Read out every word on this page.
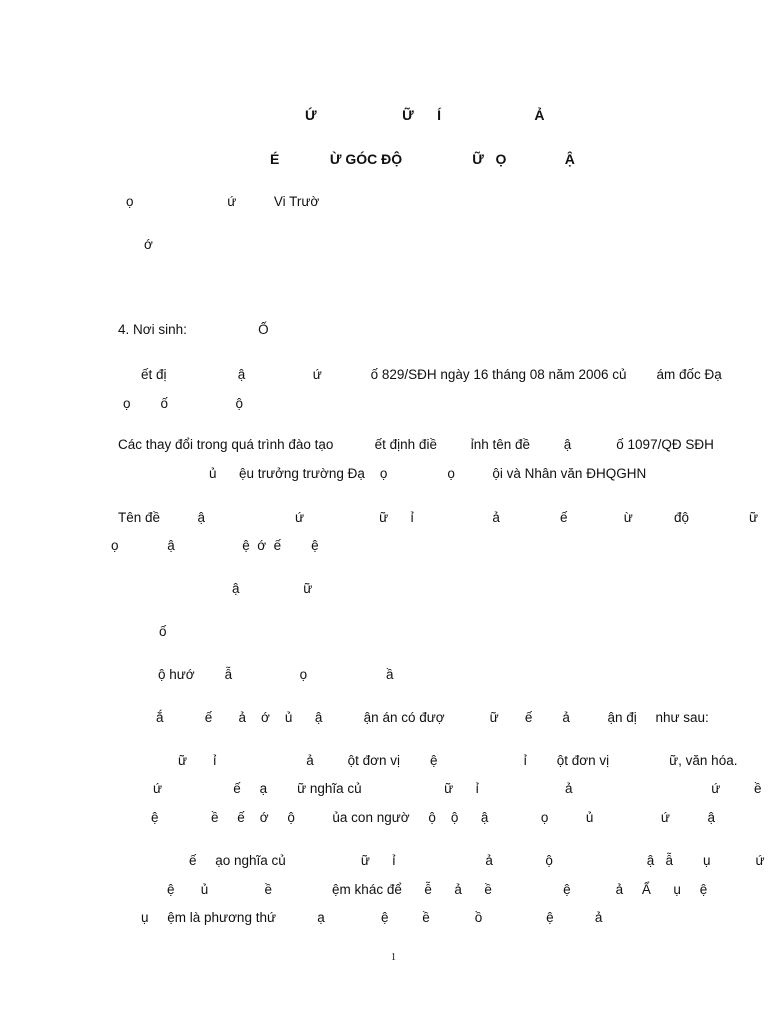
Ứ                      Ữ      Í                        Ả
É             Ừ GÓC ĐỘ                  Ữ   Ọ               Ậ
ọ                         ứ          Vi Trườ
ớ
4. Nơi sinh:                   Ố
ết đị                   ậ                  ứ             ố 829/SĐH ngày 16 tháng 08 năm 2006 củ        ám đốc Đạ
ọ        ố                  ộ
Các thay đổi trong quá trình đào tạo           ết định điề         ỉnh tên đề         ậ            ố 1097/QĐ SĐH
ủ      ệu trưởng trường Đạ    ọ                ọ          ội và Nhân văn ĐHQGHN
Tên đề          ậ                        ứ                    ữ      ỉ                     ả                ế               ừ           độ                ữ
ọ             ậ                  ệ  ớ  ế        ệ
ậ                 ữ
ố
ộ hướ        ẫ                  ọ                     ầ
ắ           ế       ả    ớ    ủ      ậ           ận án có đượ            ữ       ế        ả          ận đị     như sau:
ữ       ỉ                        ả         ột đơn vị        ệ                       ỉ        ột đơn vị                ữ, văn hóa.
ứ                   ế     ạ        ữ nghĩa củ                      ữ      ỉ                       ả                                     ứ         ề
ệ              ề     ế    ớ     ộ          ủa con ngườ     ộ    ộ      ậ              ọ          ủ                  ứ          ậ
ế     ạo nghĩa củ                    ữ      ỉ                        ả              ộ                         ậ   ẫ        ụ            ứ
ệ       ủ               ề                ệm khác để      ễ      ả      ề                   ệ            ả     Ẩ      ụ     ệ
ụ     ệm là phương thứ           ạ               ệ         ề            ồ                 ệ           ả
1
